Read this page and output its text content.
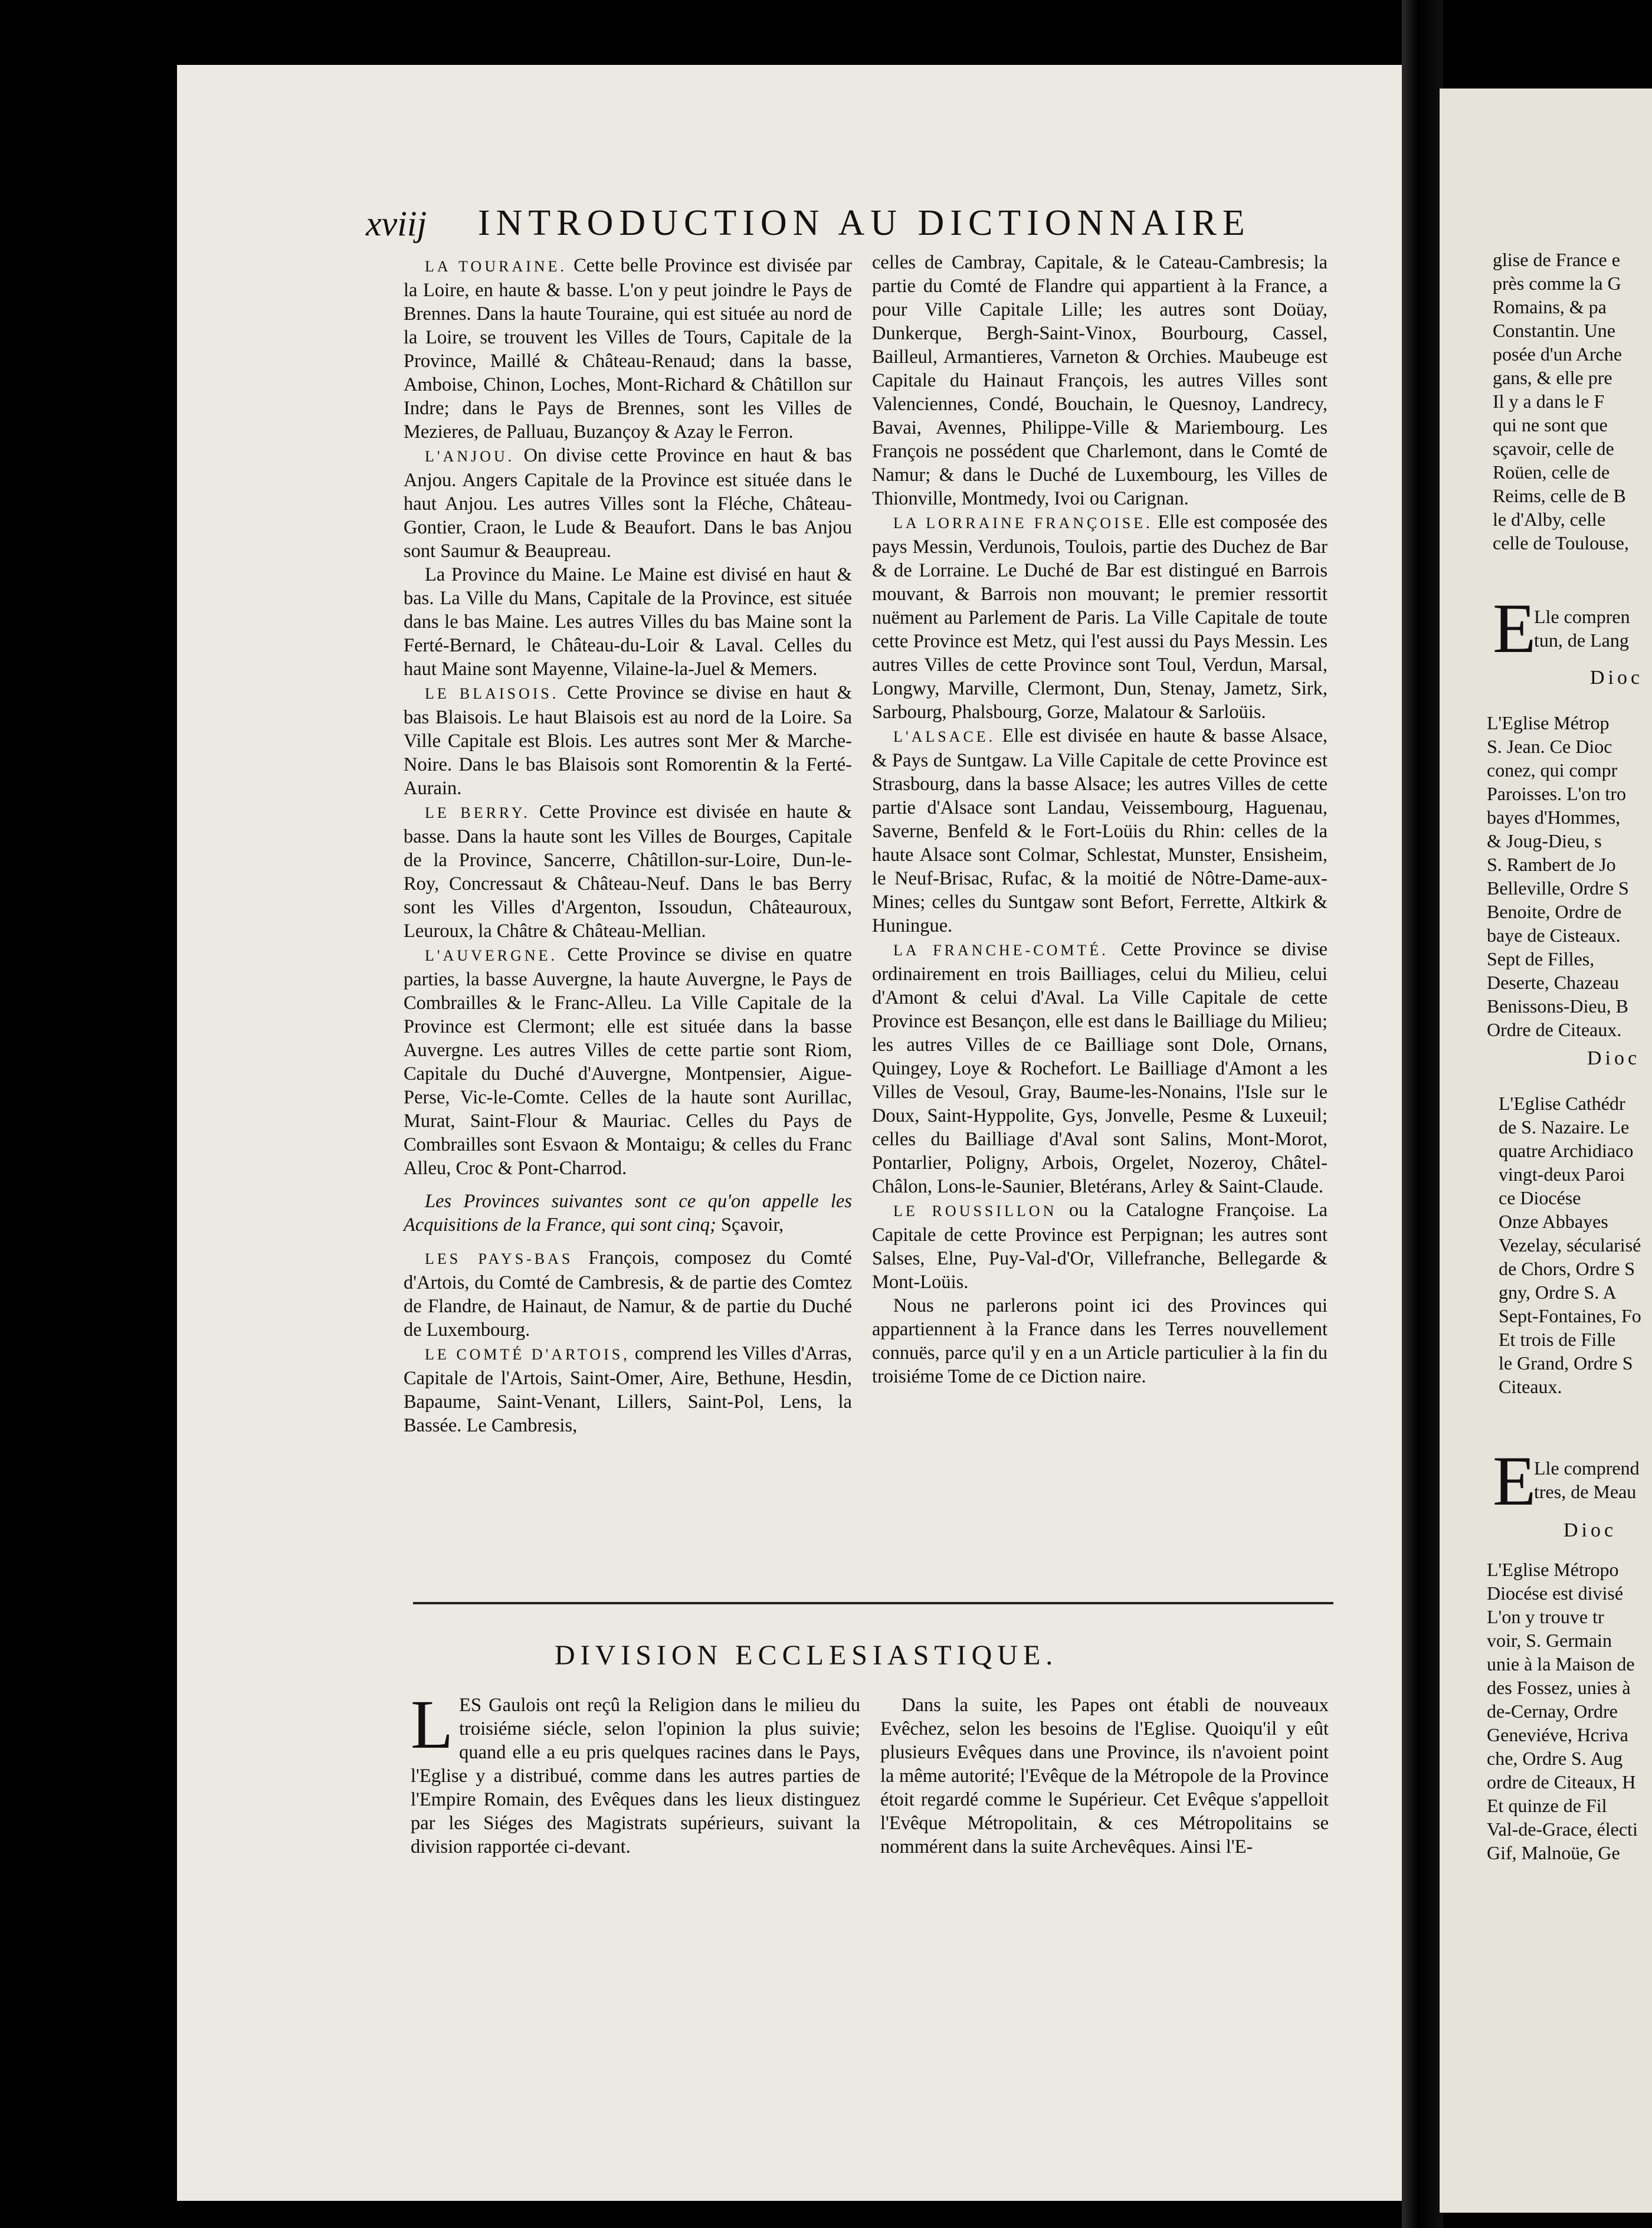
xviij INTRODUCTION AU DICTIONNAIRE

LA TOURAINE. Cette belle Province est divisée par la Loire, en haute & basse. L'on y peut joindre le Pays de Brennes. Dans la haute Touraine, qui est située au nord de la Loire, se trouvent les Villes de Tours, Capitale de la Province, Maillé & Château-Renaud; dans la basse, Amboise, Chinon, Loches, Mont-Richard & Châtillon sur Indre; dans le Pays de Brennes, sont les Villes de Mezieres, de Palluau, Buzançoy & Azay le Ferron.

L'ANJOU. On divise cette Province en haut & bas Anjou. Angers Capitale de la Province est située dans le haut Anjou. Les autres Villes sont la Fléche, Château-Gontier, Craon, le Lude & Beaufort. Dans le bas Anjou sont Saumur & Beaupreau.

La Province du Maine. Le Maine est divisé en haut & bas. La Ville du Mans, Capitale de la Province, est située dans le bas Maine. Les autres Villes du bas Maine sont la Ferté-Bernard, le Château-du-Loir & Laval. Celles du haut Maine sont Mayenne, Vilaine-la-Juel & Memers.

LE BLAISOIS. Cette Province se divise en haut & bas Blaisois. Le haut Blaisois est au nord de la Loire. Sa Ville Capitale est Blois. Les autres sont Mer & Marche-Noire. Dans le bas Blaisois sont Romorentin & la Ferté-Aurain.

LE BERRY. Cette Province est divisée en haute & basse. Dans la haute sont les Villes de Bourges, Capitale de la Province, Sancerre, Châtillon-sur-Loire, Dun-le-Roy, Concressaut & Château-Neuf. Dans le bas Berry sont les Villes d'Argenton, Issoudun, Châteauroux, Leuroux, la Châtre & Château-Mellian.

L'AUVERGNE. Cette Province se divise en quatre parties, la basse Auvergne, la haute Auvergne, le Pays de Combrailles & le Franc-Alleu. La Ville Capitale de la Province est Clermont; elle est située dans la basse Auvergne. Les autres Villes de cette partie sont Riom, Capitale du Duché d'Auvergne, Montpensier, Aigue-Perse, Vic-le-Comte. Celles de la haute sont Aurillac, Murat, Saint-Flour & Mauriac. Celles du Pays de Combrailles sont Esvaon & Montaigu; & celles du Franc Alleu, Croc & Pont-Charrod.

Les Provinces suivantes sont ce qu'on appelle les Acquisitions de la France, qui sont cinq; Sçavoir,

LES PAYS-BAS François, composez du Comté d'Artois, du Comté de Cambresis, & de partie des Comtez de Flandre, de Hainaut, de Namur, & de partie du Duché de Luxembourg.

LE COMTÉ D'ARTOIS, comprend les Villes d'Arras, Capitale de l'Artois, Saint-Omer, Aire, Bethune, Hesdin, Bapaume, Saint-Venant, Lillers, Saint-Pol, Lens, la Bassée. Le Cambresis,

celles de Cambray, Capitale, & le Cateau-Cambresis; la partie du Comté de Flandre qui appartient à la France, a pour Ville Capitale Lille; les autres sont Doüay, Dunkerque, Bergh-Saint-Vinox, Bourbourg, Cassel, Bailleul, Armantieres, Varneton & Orchies. Maubeuge est Capitale du Hainaut François, les autres Villes sont Valenciennes, Condé, Bouchain, le Quesnoy, Landrecy, Bavai, Avennes, Philippe-Ville & Mariembourg. Les François ne possédent que Charlemont, dans le Comté de Namur; & dans le Duché de Luxembourg, les Villes de Thionville, Montmedy, Ivoi ou Carignan.

LA LORRAINE FRANÇOISE. Elle est composée des pays Messin, Verdunois, Toulois, partie des Duchez de Bar & de Lorraine. Le Duché de Bar est distingué en Barrois mouvant, & Barrois non mouvant; le premier ressortit nuëment au Parlement de Paris. La Ville Capitale de toute cette Province est Metz, qui l'est aussi du Pays Messin. Les autres Villes de cette Province sont Toul, Verdun, Marsal, Longwy, Marville, Clermont, Dun, Stenay, Jametz, Sirk, Sarbourg, Phalsbourg, Gorze, Malatour & Sarloüis.

L'ALSACE. Elle est divisée en haute & basse Alsace, & Pays de Suntgaw. La Ville Capitale de cette Province est Strasbourg, dans la basse Alsace; les autres Villes de cette partie d'Alsace sont Landau, Veissembourg, Haguenau, Saverne, Benfeld & le Fort-Loüis du Rhin: celles de la haute Alsace sont Colmar, Schlestat, Munster, Ensisheim, le Neuf-Brisac, Rufac, & la moitié de Nôtre-Dame-aux-Mines; celles du Suntgaw sont Befort, Ferrette, Altkirk & Huningue.

LA FRANCHE-COMTÉ. Cette Province se divise ordinairement en trois Bailliages, celui du Milieu, celui d'Amont & celui d'Aval. La Ville Capitale de cette Province est Besançon, elle est dans le Bailliage du Milieu; les autres Villes de ce Bailliage sont Dole, Ornans, Quingey, Loye & Rochefort. Le Bailliage d'Amont a les Villes de Vesoul, Gray, Baume-les-Nonains, l'Isle sur le Doux, Saint-Hyppolite, Gys, Jonvelle, Pesme & Luxeuil; celles du Bailliage d'Aval sont Salins, Mont-Morot, Pontarlier, Poligny, Arbois, Orgelet, Nozeroy, Châtel-Châlon, Lons-le-Saunier, Bletérans, Arley & Saint-Claude.

LE ROUSSILLON ou la Catalogne Françoise. La Capitale de cette Province est Perpignan; les autres sont Salses, Elne, Puy-Val-d'Or, Villefranche, Bellegarde & Mont-Loüis.

Nous ne parlerons point ici des Provinces qui appartiennent à la France dans les Terres nouvellement connuës, parce qu'il y en a un Article particulier à la fin du troisiéme Tome de ce Diction naire.

DIVISION ECCLESIASTIQUE.
L ES Gaulois ont reçû la Religion dans le milieu du troisiéme siécle, selon l'opinion la plus suivie; quand elle a eu pris quelques racines dans le Pays, l'Eglise y a distribué, comme dans les autres parties de l'Empire Romain, des Evêques dans les lieux distinguez par les Siéges des Magistrats supérieurs, suivant la division rapportée ci-devant.

Dans la suite, les Papes ont établi de nouveaux Evêchez, selon les besoins de l'Eglise. Quoiqu'il y eût plusieurs Evêques dans une Province, ils n'avoient point la même autorité; l'Evêque de la Métropole de la Province étoit regardé comme le Supérieur. Cet Evêque s'appelloit l'Evêque Métropolitain, & ces Métropolitains se nommérent dans la suite Archevêques. Ainsi l'E-

glise de France e
près comme la G
Romains, & pa
Constantin. Une
posée d'un Arche
gans, & elle pre
Il y a dans le F
qui ne sont que
sçavoir, celle de
Roüen, celle de
Reims, celle de B
le d'Alby, celle
celle de Toulouse,
E
Lle compren
tun, de Lang
Dioc
L'Eglise Métrop
S. Jean. Ce Dioc
conez, qui compr
Paroisses. L'on tro
bayes d'Hommes,
& Joug-Dieu, s
S. Rambert de Jo
Belleville, Ordre S
Benoite, Ordre de
baye de Cisteaux.
Sept de Filles,
Deserte, Chazeau
Benissons-Dieu, B
Ordre de Citeaux.
Dioc
L'Eglise Cathédr
de S. Nazaire. Le
quatre Archidiaco
vingt-deux Paroi
ce Diocése
Onze Abbayes
Vezelay, sécularisé
de Chors, Ordre S
gny, Ordre S. A
Sept-Fontaines, Fo
Et trois de Fille
le Grand, Ordre S
Citeaux.
E
Lle comprend
tres, de Meau
Dioc
L'Eglise Métropo
Diocése est divisé
L'on y trouve tr
voir, S. Germain
unie à la Maison de
des Fossez, unies à
de-Cernay, Ordre
Geneviéve, Hcriva
che, Ordre S. Aug
ordre de Citeaux, H
Et quinze de Fil
Val-de-Grace, électi
Gif, Malnoüe, Ge
